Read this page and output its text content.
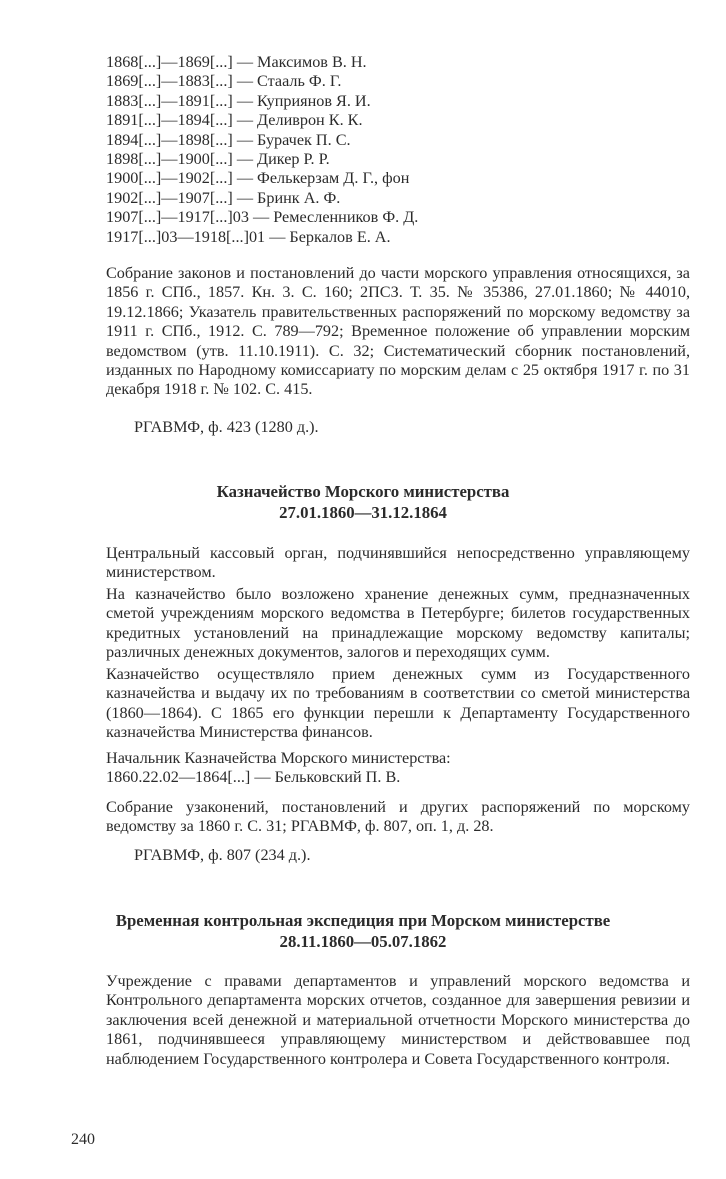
1868[...]—1869[...] — Максимов В. Н.
1869[...]—1883[...] — Стааль Ф. Г.
1883[...]—1891[...] — Куприянов Я. И.
1891[...]—1894[...] — Деливрон К. К.
1894[...]—1898[...] — Бурачек П. С.
1898[...]—1900[...] — Дикер Р. Р.
1900[...]—1902[...] — Фелькерзам Д. Г., фон
1902[...]—1907[...] — Бринк А. Ф.
1907[...]—1917[...]03 — Ремесленников Ф. Д.
1917[...]03—1918[...]01 — Беркалов Е. А.
Собрание законов и постановлений до части морского управления относящихся, за 1856 г. СПб., 1857. Кн. 3. С. 160; 2ПСЗ. Т. 35. № 35386, 27.01.1860; № 44010, 19.12.1866; Указатель правительственных распоряжений по морскому ведомству за 1911 г. СПб., 1912. С. 789—792; Временное положение об управлении морским ведомством (утв. 11.10.1911). С. 32; Систематический сборник постановлений, изданных по Народному комиссариату по морским делам с 25 октября 1917 г. по 31 декабря 1918 г. № 102. С. 415.
РГАВМФ, ф. 423 (1280 д.).
Казначейство Морского министерства
27.01.1860—31.12.1864
Центральный кассовый орган, подчинявшийся непосредственно управляющему министерством.
На казначейство было возложено хранение денежных сумм, предназначенных сметой учреждениям морского ведомства в Петербурге; билетов государственных кредитных установлений на принадлежащие морскому ведомству капиталы; различных денежных документов, залогов и переходящих сумм.
Казначейство осуществляло прием денежных сумм из Государственного казначейства и выдачу их по требованиям в соответствии со сметой министерства (1860—1864). С 1865 его функции перешли к Департаменту Государственного казначейства Министерства финансов.
Начальник Казначейства Морского министерства:
1860.22.02—1864[...] — Бельковский П. В.
Собрание узаконений, постановлений и других распоряжений по морскому ведомству за 1860 г. С. 31; РГАВМФ, ф. 807, оп. 1, д. 28.
РГАВМФ, ф. 807 (234 д.).
Временная контрольная экспедиция при Морском министерстве
28.11.1860—05.07.1862
Учреждение с правами департаментов и управлений морского ведомства и Контрольного департамента морских отчетов, созданное для завершения ревизии и заключения всей денежной и материальной отчетности Морского министерства до 1861, подчинявшееся управляющему министерством и действовавшее под наблюдением Государственного контролера и Совета Государственного контроля.
240
